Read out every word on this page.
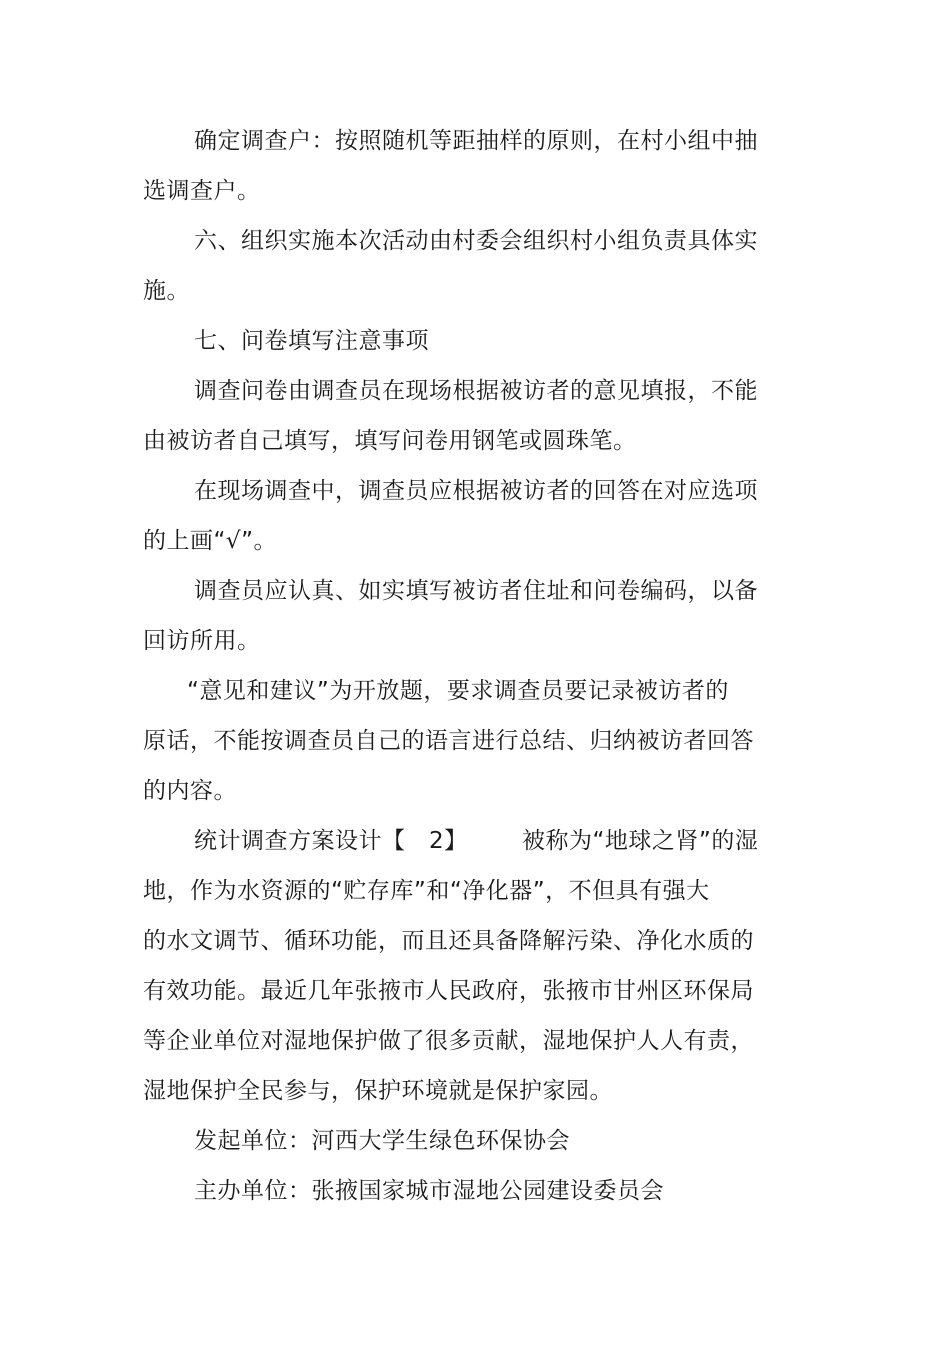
确定调查户：按照随机等距抽样的原则，在村小组中抽
选调查户。
六、组织实施本次活动由村委会组织村小组负责具体实
施。
七、问卷填写注意事项
调查问卷由调查员在现场根据被访者的意见填报，不能
由被访者自己填写，填写问卷用钢笔或圆珠笔。
在现场调查中，调查员应根据被访者的回答在对应选项
的上画“√”。
调查员应认真、如实填写被访者住址和问卷编码，以备
回访所用。
“意见和建议”为开放题，要求调查员要记录被访者的
原话，不能按调查员自己的语言进行总结、归纳被访者回答
的内容。
统计调查方案设计【　2】 被称为“地球之肾”的湿
地，作为水资源的“贮存库”和“净化器”，不但具有强大
的水文调节、循环功能，而且还具备降解污染、净化水质的
有效功能。最近几年张掖市人民政府，张掖市甘州区环保局
等企业单位对湿地保护做了很多贡献，湿地保护人人有责，
湿地保护全民参与，保护环境就是保护家园。
发起单位：河西大学生绿色环保协会
主办单位：张掖国家城市湿地公园建设委员会
